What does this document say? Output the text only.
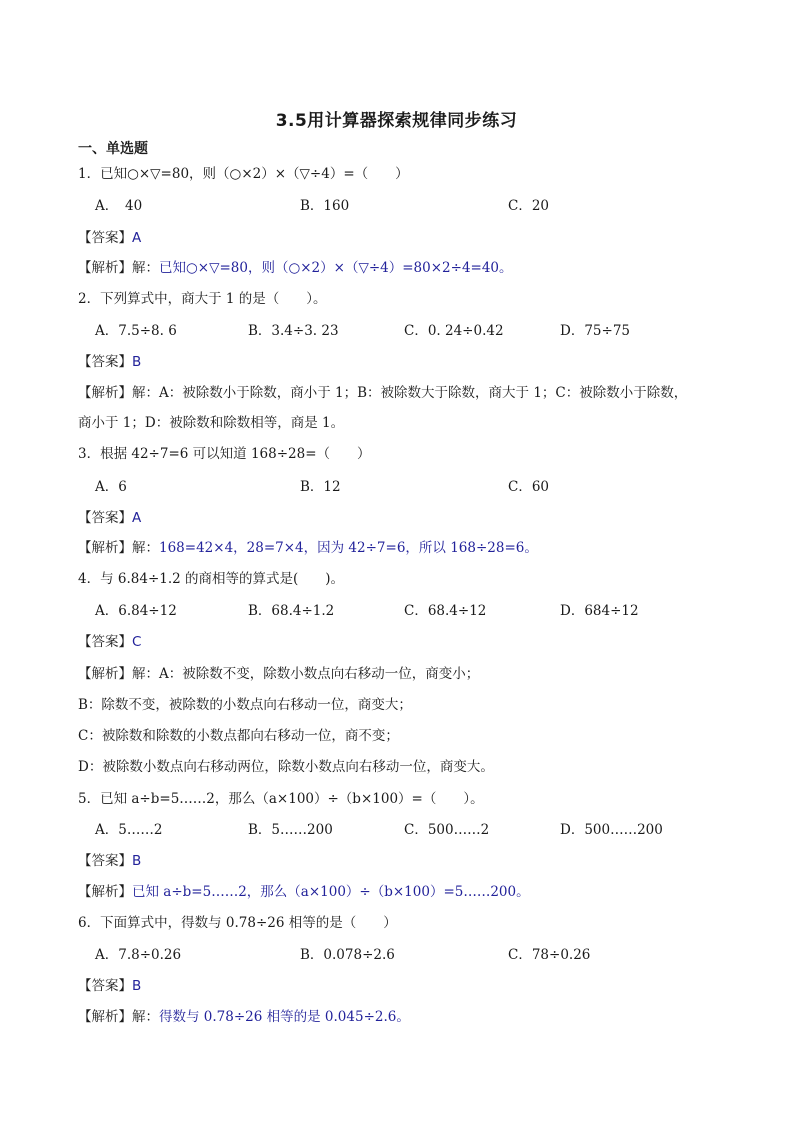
3.5用计算器探索规律同步练习
一、单选题
1．已知○×▽=80，则（○×2）×（▽÷4）=（　　）
A．　40	B．160	C．20
【答案】A
【解析】解：已知○×▽=80，则（○×2）×（▽÷4）=80×2÷4=40。
2．下列算式中，商大于 1 的是（　　）。
A．7.5÷8. 6	B．3.4÷3. 23	C．0. 24÷0.42	D．75÷75
【答案】B
【解析】解：A：被除数小于除数，商小于 1；B：被除数大于除数，商大于 1；C：被除数小于除数，
商小于 1；D：被除数和除数相等，商是 1。
3．根据 42÷7=6 可以知道 168÷28=（　　）
A．6	B．12	C．60
【答案】A
【解析】解：168=42×4，28=7×4，因为 42÷7=6，所以 168÷28=6。
4．与 6.84÷1.2 的商相等的算式是(　　)。
A．6.84÷12	B．68.4÷1.2	C．68.4÷12	D．684÷12
【答案】C
【解析】解：A：被除数不变，除数小数点向右移动一位，商变小；
B：除数不变，被除数的小数点向右移动一位，商变大；
C：被除数和除数的小数点都向右移动一位，商不变；
D：被除数小数点向右移动两位，除数小数点向右移动一位，商变大。
5．已知 a÷b=5……2，那么（a×100）÷（b×100）=（　　）。
A．5……2	B．5……200	C．500……2	D．500……200
【答案】B
【解析】已知 a÷b=5……2，那么（a×100）÷（b×100）=5……200。
6．下面算式中，得数与 0.78÷26 相等的是（　　）
A．7.8÷0.26	B．0.078÷2.6	C．78÷0.26
【答案】B
【解析】解：得数与 0.78÷26 相等的是 0.045÷2.6。
